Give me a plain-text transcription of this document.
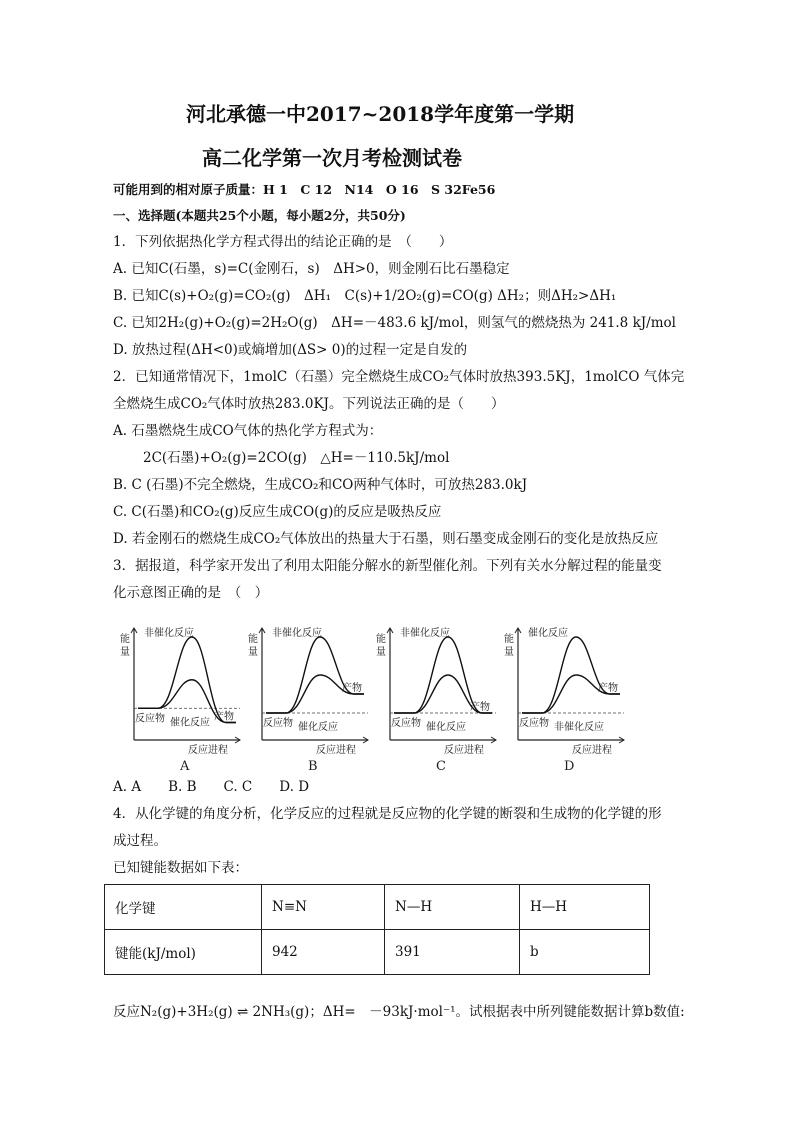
河北承德一中2017~2018学年度第一学期
高二化学第一次月考检测试卷
可能用到的相对原子质量：H 1　C 12　N14　O 16　S 32Fe56
一、选择题(本题共25个小题，每小题2分，共50分)
1．下列依据热化学方程式得出的结论正确的是　（　　）
A. 已知C(石墨，s)=C(金刚石，s)　ΔH>0，则金刚石比石墨稳定
B. 已知C(s)+O₂(g)=CO₂(g)　ΔH₁　C(s)+1/2O₂(g)=CO(g) ΔH₂；则ΔH₂>ΔH₁
C. 已知2H₂(g)+O₂(g)=2H₂O(g)　ΔH=－483.6 kJ/mol，则氢气的燃烧热为 241.8 kJ/mol
D. 放热过程(ΔH<0)或熵增加(ΔS> 0)的过程一定是自发的
2．已知通常情况下，1molC（石墨）完全燃烧生成CO₂气体时放热393.5KJ，1molCO 气体完
全燃烧生成CO₂气体时放热283.0KJ。下列说法正确的是（　　）
A. 石墨燃烧生成CO气体的热化学方程式为：
2C(石墨)+O₂(g)=2CO(g)　△H=－110.5kJ/mol
B. C (石墨)不完全燃烧，生成CO₂和CO两种气体时，可放热283.0kJ
C. C(石墨)和CO₂(g)反应生成CO(g)的反应是吸热反应
D. 若金刚石的燃烧生成CO₂气体放出的热量大于石墨，则石墨变成金刚石的变化是放热反应
3．据报道，科学家开发出了利用太阳能分解水的新型催化剂。下列有关水分解过程的能量变
化示意图正确的是　（　）
能
量
非催化反应
反应物 催化反应
产物
反应进程
A
能
量
非催化反应
反应物 催化反应
产物
反应进程
B
能
量
非催化反应
反应物 催化反应
产物
反应进程
C
能
量
催化反应
反应物 非催化反应
产物
反应进程
D
A. A　　B. B　　C. C　　D. D
4．从化学键的角度分析，化学反应的过程就是反应物的化学键的断裂和生成物的化学键的形
成过程。
已知键能数据如下表：
化学键	N≡N	N—H	H—H
键能(kJ/mol)	942	391	b
反应N₂(g)+3H₂(g) ⇌ 2NH₃(g)；ΔH=　－93kJ·mol⁻¹。试根据表中所列键能数据计算b数值:
